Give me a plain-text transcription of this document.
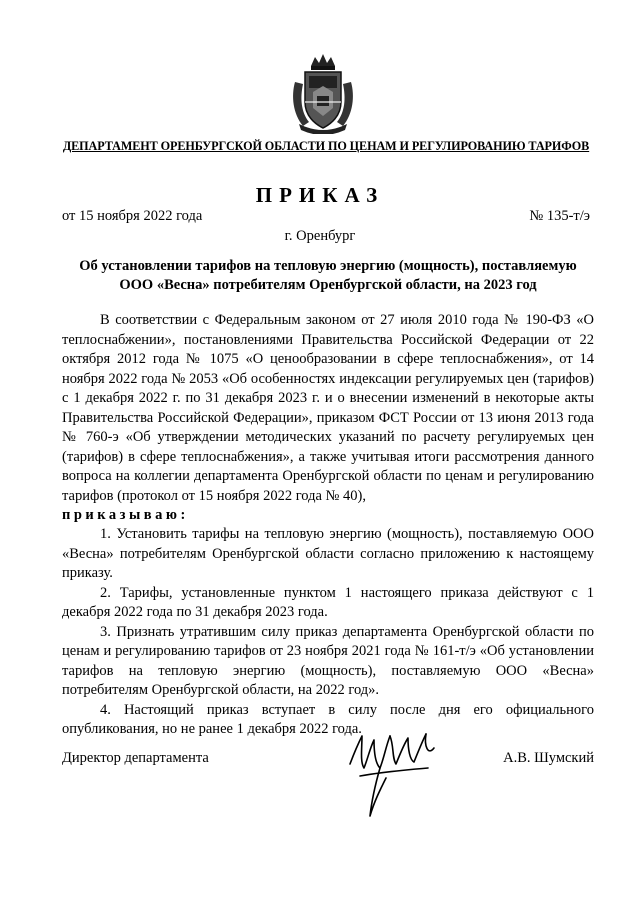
ДЕПАРТАМЕНТ ОРЕНБУРГСКОЙ ОБЛАСТИ ПО ЦЕНАМ И РЕГУЛИРОВАНИЮ ТАРИФОВ
ПРИКАЗ
от 15 ноября 2022 года	№ 135-т/э
г. Оренбург
Об установлении тарифов на тепловую энергию (мощность), поставляемую
ООО «Весна» потребителям Оренбургской области, на 2023 год

В соответствии с Федеральным законом от 27 июля 2010 года № 190-ФЗ «О теплоснабжении», постановлениями Правительства Российской Федерации от 22 октября 2012 года № 1075 «О ценообразовании в сфере теплоснабжения», от 14 ноября 2022 года № 2053 «Об особенностях индексации регулируемых цен (тарифов) с 1 декабря 2022 г. по 31 декабря 2023 г. и о внесении изменений в некоторые акты Правительства Российской Федерации», приказом ФСТ России от 13 июня 2013 года № 760-э «Об утверждении методических указаний по расчету регулируемых цен (тарифов) в сфере теплоснабжения», а также учитывая итоги рассмотрения данного вопроса на коллегии департамента Оренбургской области по ценам и регулированию тарифов (протокол от 15 ноября 2022 года № 40),

приказываю:

1. Установить тарифы на тепловую энергию (мощность), поставляемую ООО «Весна» потребителям Оренбургской области согласно приложению к настоящему приказу.

2. Тарифы, установленные пунктом 1 настоящего приказа действуют с 1 декабря 2022 года по 31 декабря 2023 года.

3. Признать утратившим силу приказ департамента Оренбургской области по ценам и регулированию тарифов от 23 ноября 2021 года № 161-т/э «Об установлении тарифов на тепловую энергию (мощность), поставляемую ООО «Весна» потребителям Оренбургской области, на 2022 год».

4. Настоящий приказ вступает в силу после дня его официального опубликования, но не ранее 1 декабря 2022 года.

Директор департамента	А.В. Шумский
